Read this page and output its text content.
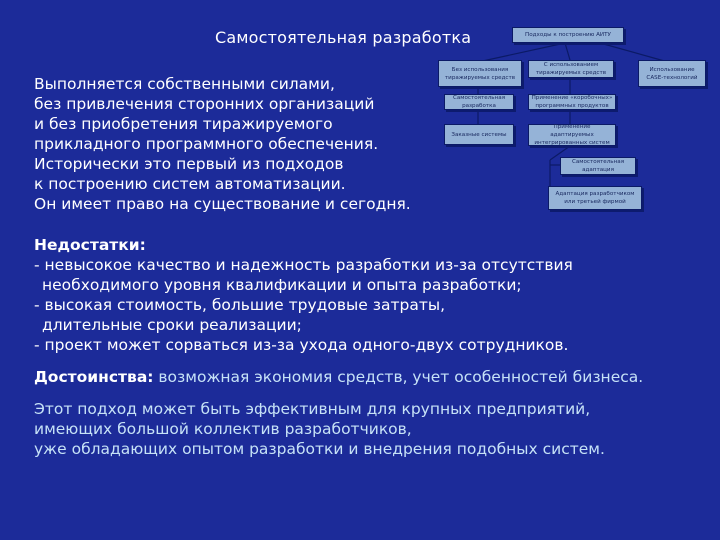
Самостоятельная разработка
Выполняется собственными силами,
без привлечения сторонних организаций
и без приобретения тиражируемого
прикладного программного обеспечения.
Исторически это первый из подходов
к построению систем автоматизации.
Он имеет право на существование и сегодня.
Подходы к построению АИТУ
Без использования тиражируемых средств
Самостоятельная разработка
Заказные системы
С использованием тиражируемых средств
Применение «коробочных» программных продуктов
Применение адаптируемых интегрированных систем
Самостоятельная адаптация
Адаптация разработчиком или третьей фирмой
Использование CASE-технологий
Недостатки:
- невысокое качество и надежность разработки из-за отсутствия
необходимого уровня квалификации и опыта разработки;
- высокая стоимость, большие трудовые затраты,
длительные сроки реализации;
- проект может сорваться из-за ухода одного-двух сотрудников.
Достоинства: возможная экономия средств, учет особенностей бизнеса.
Этот подход может быть эффективным для крупных предприятий,
имеющих большой коллектив разработчиков,
уже обладающих опытом разработки и внедрения подобных систем.
